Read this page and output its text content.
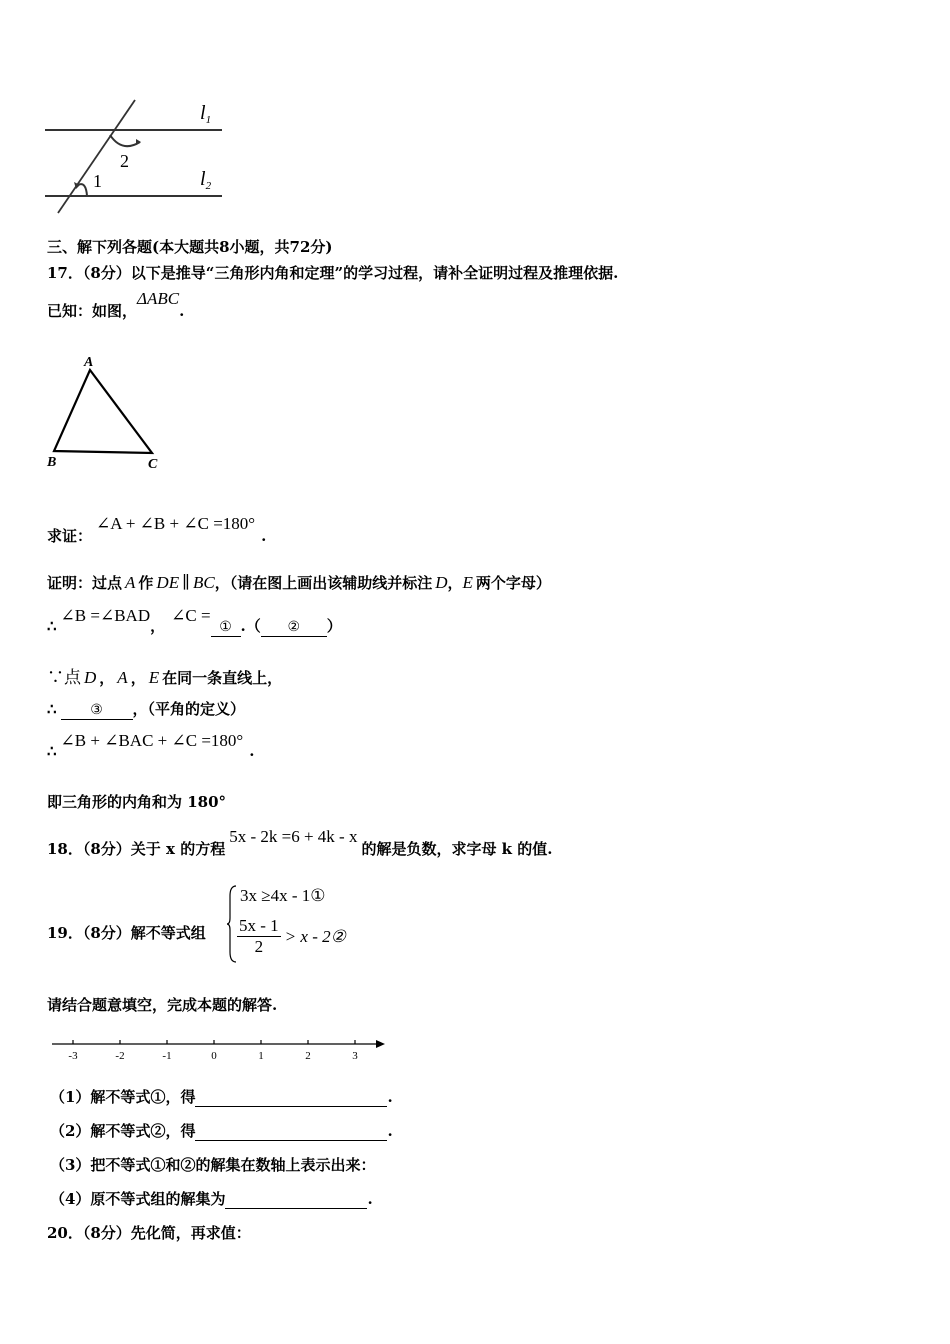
$l_1$
$l_2$
2
1
三、解下列各题(本大题共8小题，共72分)
17．（8分）以下是推导“三角形内角和定理”的学习过程，请补全证明过程及推理依据.
已知：如图，ΔABC.
A
B	C
求证：∠A + ∠B + ∠C =180°.
证明：过点 A 作 DE ∥ BC，（请在图上画出该辅助线并标注 D，E 两个字母）
∴∠B =∠BAD，∠C =① .（ ② ）
∵点 D ， A ， E 在同一条直线上，
∴ ③ ，（平角的定义）
∴∠B + ∠BAC + ∠C =180°.
即三角形的内角和为 180°
18．（8分）关于 x 的方程5x - 2k =6 + 4k - x的解是负数，求字母 k 的值.
19．（8分）解不等式组
3x ≥4x - 1①
$\frac{5x - 1}{2} > x$ - 2②
请结合题意填空，完成本题的解答.
-3	-2	-1	0	1	2	3
（1）解不等式①，得	.
（2）解不等式②，得	.
（3）把不等式①和②的解集在数轴上表示出来：
（4）原不等式组的解集为	.
20．（8分）先化简，再求值：
